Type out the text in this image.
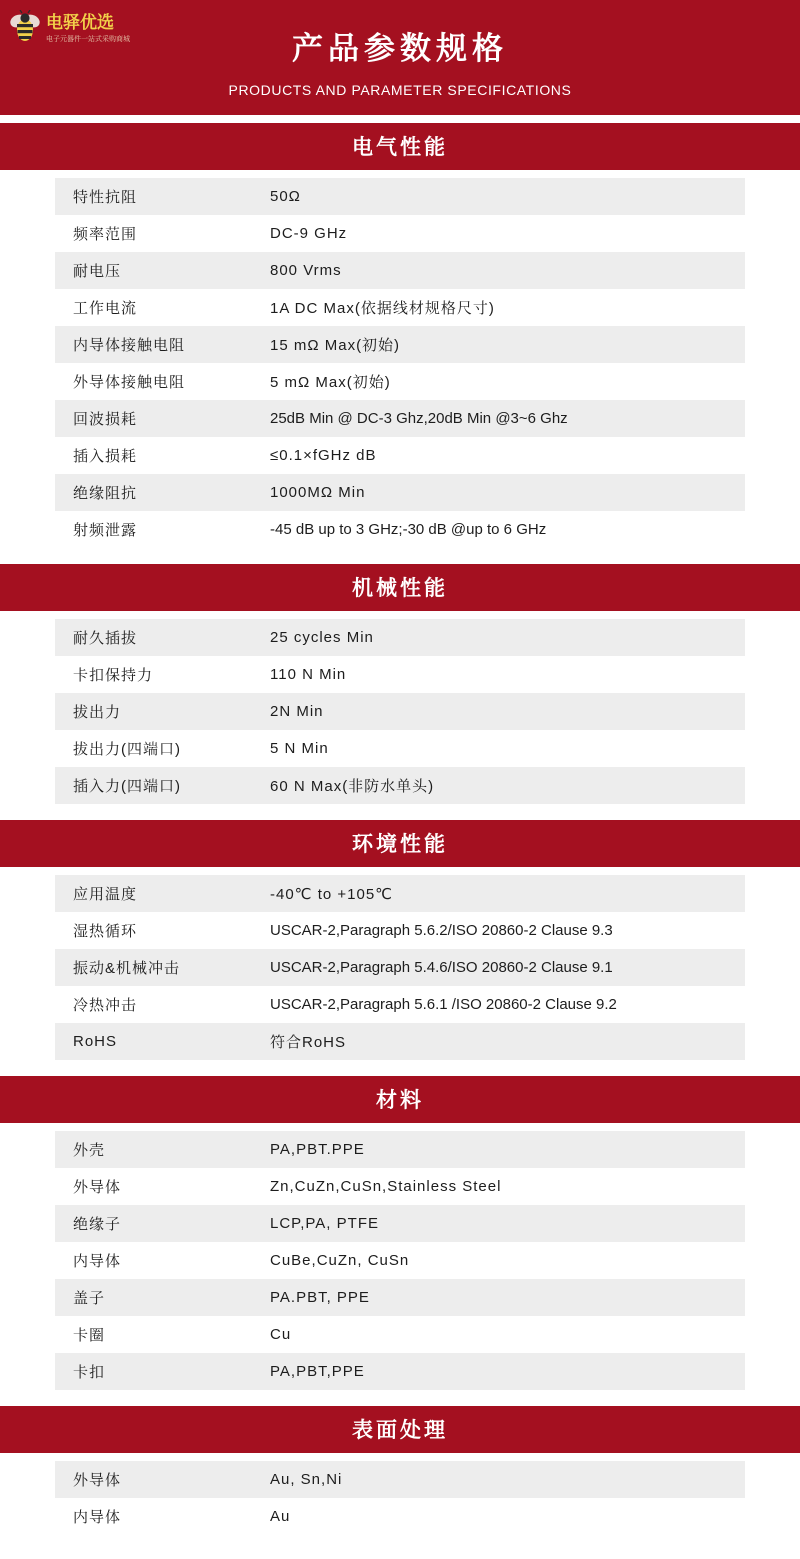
电驿优选
电子元器件一站式采购商城	产品参数规格
PRODUCTS AND PARAMETER SPECIFICATIONS
电气性能
特性抗阻	50Ω
频率范围	DC-9 GHz
耐电压	800 Vrms
工作电流	1A DC Max(依据线材规格尺寸)
内导体接触电阻	15 mΩ Max(初始)
外导体接触电阻	5 mΩ Max(初始)
回波损耗	25dB Min @ DC-3 Ghz,20dB Min @3~6 Ghz
插入损耗	≤0.1×fGHz dB
绝缘阻抗	1000MΩ Min
射频泄露	-45 dB up to 3 GHz;-30 dB @up to 6 GHz
机械性能
耐久插拔	25 cycles Min
卡扣保持力	110 N Min
拔出力	2N Min
拔出力(四端口)	5 N Min
插入力(四端口)	60 N Max(非防水单头)
环境性能
应用温度	-40℃ to +105℃
湿热循环	USCAR-2,Paragraph 5.6.2/ISO 20860-2 Clause 9.3
振动&机械冲击	USCAR-2,Paragraph 5.4.6/ISO 20860-2 Clause 9.1
冷热冲击	USCAR-2,Paragraph 5.6.1 /ISO 20860-2 Clause 9.2
RoHS	符合RoHS
材料
外壳	PA,PBT.PPE
外导体	Zn,CuZn,CuSn,Stainless Steel
绝缘子	LCP,PA, PTFE
内导体	CuBe,CuZn, CuSn
盖子	PA.PBT, PPE
卡圈	Cu
卡扣	PA,PBT,PPE
表面处理
外导体	Au, Sn,Ni
内导体	Au
